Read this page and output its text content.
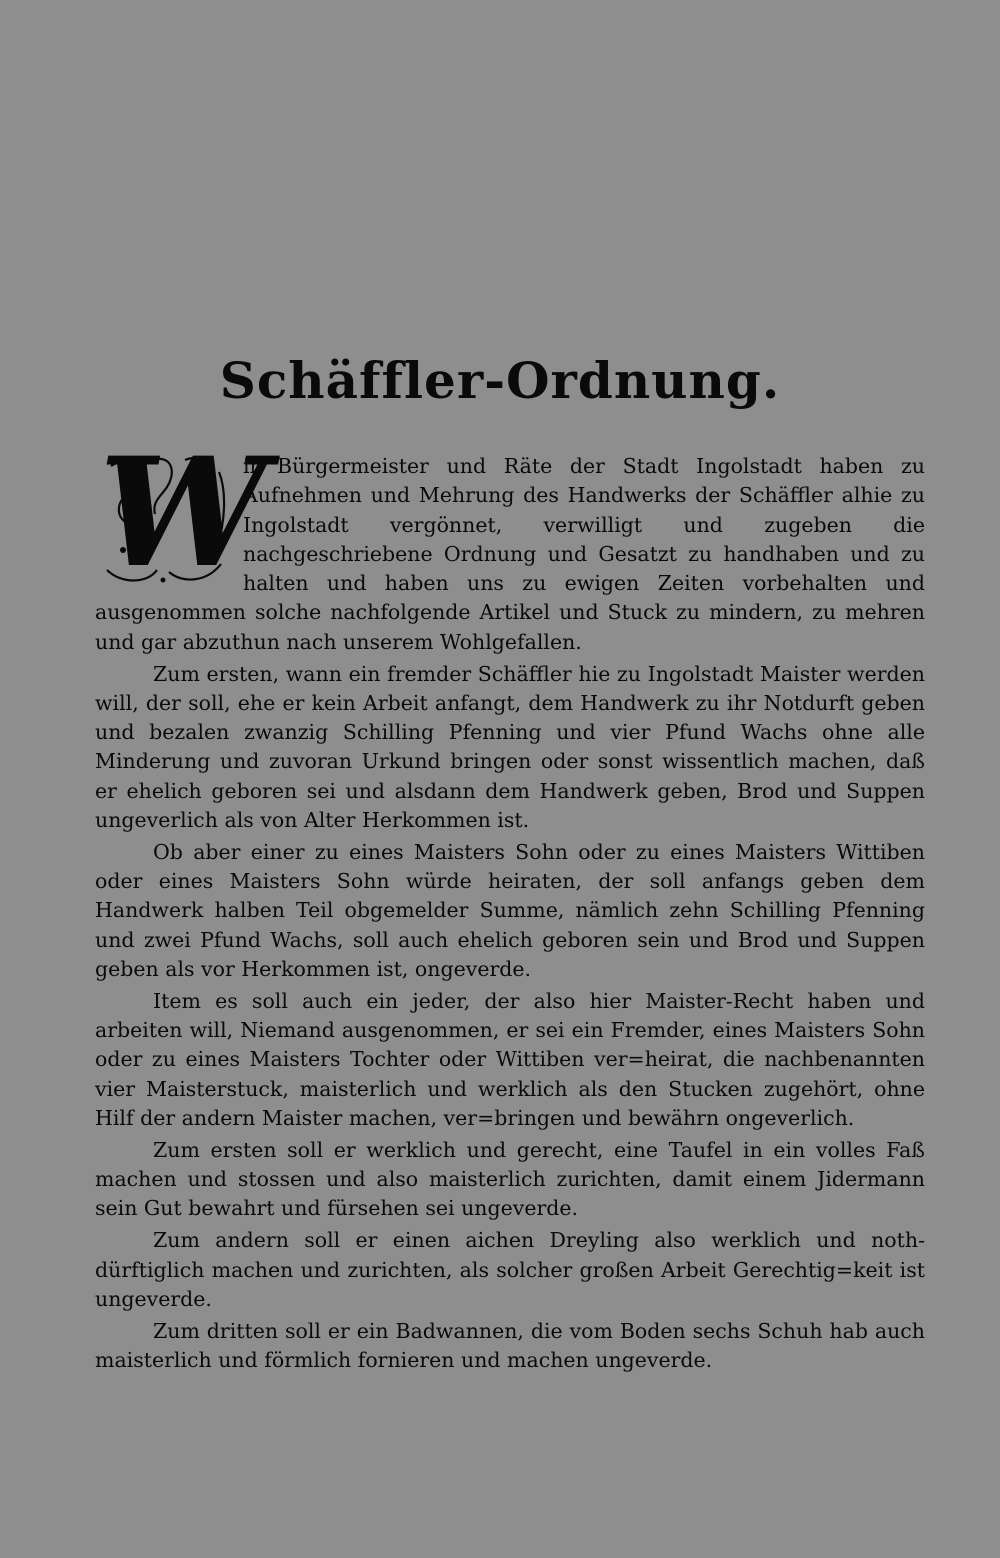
Schäffler-Ordnung.

W
ir Bürgermeister und Räte der Stadt Ingolstadt haben zu Aufnehmen und Mehrung des Handwerks der Schäffler alhie zu Ingolstadt vergönnet, verwilligt und zugeben die nachgeschriebene Ordnung und Gesatzt zu handhaben und zu halten und haben uns zu ewigen Zeiten vorbehalten und ausgenommen solche nachfolgende Artikel und Stuck zu mindern, zu mehren und gar abzuthun nach unserem Wohlgefallen.

Zum ersten, wann ein fremder Schäffler hie zu Ingolstadt Maister werden will, der soll, ehe er kein Arbeit anfangt, dem Handwerk zu ihr Notdurft geben und bezalen zwanzig Schilling Pfenning und vier Pfund Wachs ohne alle Minderung und zuvoran Urkund bringen oder sonst wissentlich machen, daß er ehelich geboren sei und alsdann dem Handwerk geben, Brod und Suppen ungeverlich als von Alter Herkommen ist.

Ob aber einer zu eines Maisters Sohn oder zu eines Maisters Wittiben oder eines Maisters Sohn würde heiraten, der soll anfangs geben dem Handwerk halben Teil obgemelder Summe, nämlich zehn Schilling Pfenning und zwei Pfund Wachs, soll auch ehelich geboren sein und Brod und Suppen geben als vor Herkommen ist, ongeverde.

Item es soll auch ein jeder, der also hier Maister-Recht haben und arbeiten will, Niemand ausgenommen, er sei ein Fremder, eines Maisters Sohn oder zu eines Maisters Tochter oder Wittiben ver=heirat, die nachbenannten vier Maisterstuck, maisterlich und werklich als den Stucken zugehört, ohne Hilf der andern Maister machen, ver=bringen und bewährn ongeverlich.

Zum ersten soll er werklich und gerecht, eine Taufel in ein volles Faß machen und stossen und also maisterlich zurichten, damit einem Jidermann sein Gut bewahrt und fürsehen sei ungeverde.

Zum andern soll er einen aichen Dreyling also werklich und noth-dürftiglich machen und zurichten, als solcher großen Arbeit Gerechtig=keit ist ungeverde.

Zum dritten soll er ein Badwannen, die vom Boden sechs Schuh hab auch maisterlich und förmlich fornieren und machen ungeverde.
